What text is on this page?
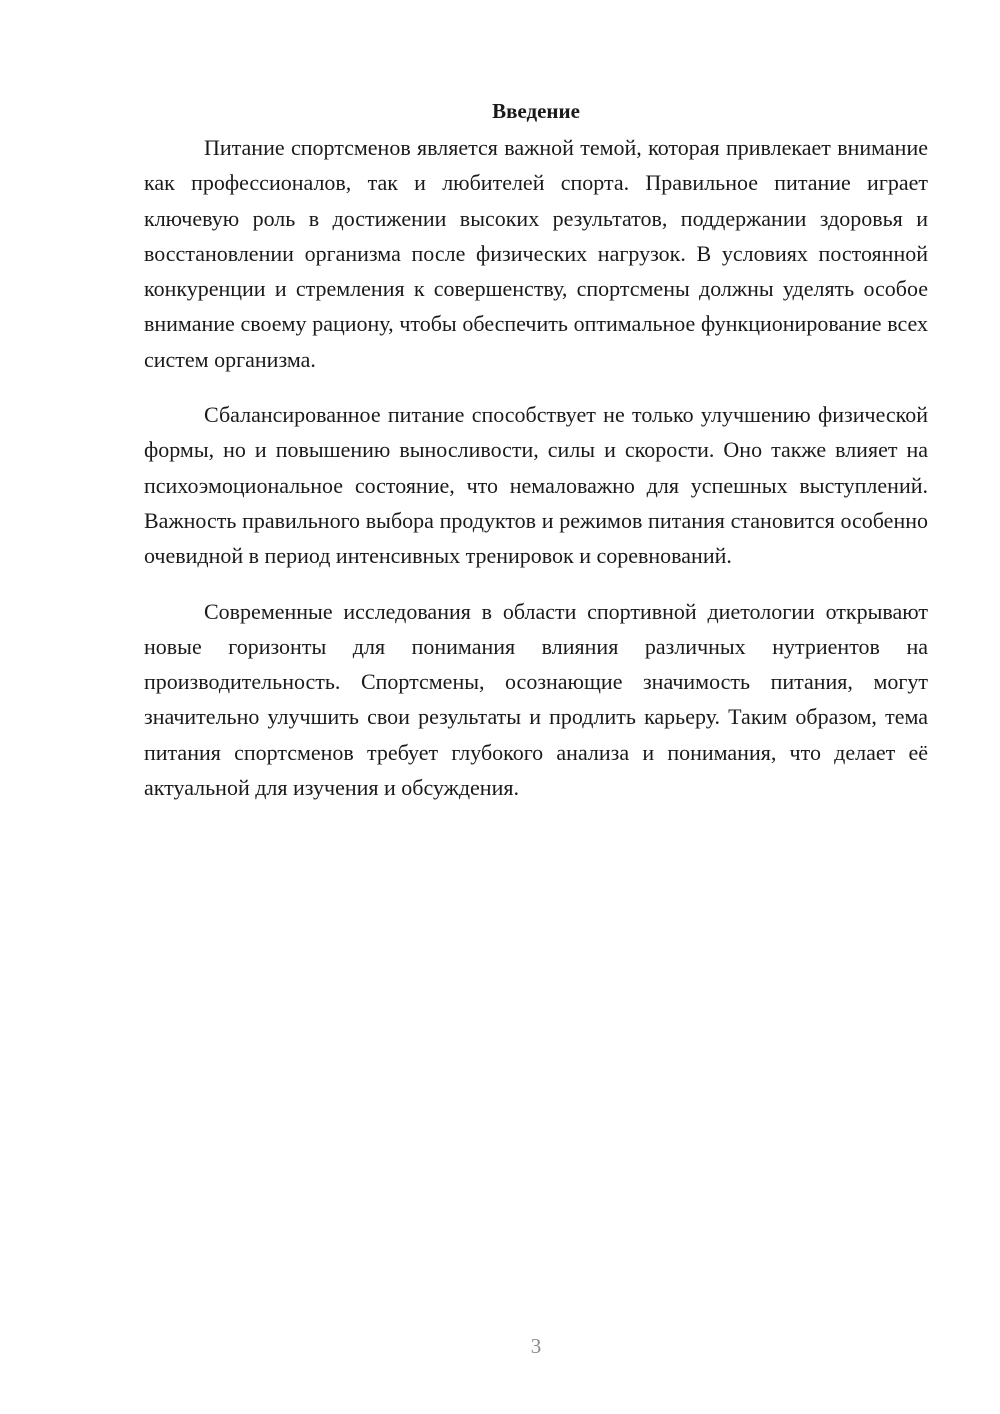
Введение

Питание спортсменов является важной темой, которая привлекает внимание как профессионалов, так и любителей спорта. Правильное питание играет ключевую роль в достижении высоких результатов, поддержании здоровья и восстановлении организма после физических нагрузок. В условиях постоянной конкуренции и стремления к совершенству, спортсмены должны уделять особое внимание своему рациону, чтобы обеспечить оптимальное функционирование всех систем организма.

Сбалансированное питание способствует не только улучшению физической формы, но и повышению выносливости, силы и скорости. Оно также влияет на психоэмоциональное состояние, что немаловажно для успешных выступлений. Важность правильного выбора продуктов и режимов питания становится особенно очевидной в период интенсивных тренировок и соревнований.

Современные исследования в области спортивной диетологии открывают новые горизонты для понимания влияния различных нутриентов на производительность. Спортсмены, осознающие значимость питания, могут значительно улучшить свои результаты и продлить карьеру. Таким образом, тема питания спортсменов требует глубокого анализа и понимания, что делает её актуальной для изучения и обсуждения.

3
